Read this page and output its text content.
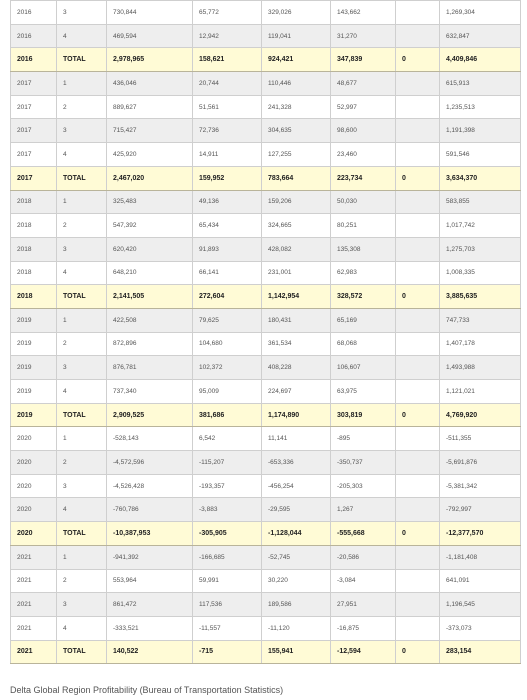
2016	3	730,844	65,772	329,026	143,662		1,269,304
2016	4	469,594	12,942	119,041	31,270		632,847
2016	TOTAL	2,978,965	158,621	924,421	347,839	0	4,409,846
2017	1	436,046	20,744	110,446	48,677		615,913
2017	2	889,627	51,561	241,328	52,997		1,235,513
2017	3	715,427	72,736	304,635	98,600		1,191,398
2017	4	425,920	14,911	127,255	23,460		591,546
2017	TOTAL	2,467,020	159,952	783,664	223,734	0	3,634,370
2018	1	325,483	49,136	159,206	50,030		583,855
2018	2	547,392	65,434	324,665	80,251		1,017,742
2018	3	620,420	91,893	428,082	135,308		1,275,703
2018	4	648,210	66,141	231,001	62,983		1,008,335
2018	TOTAL	2,141,505	272,604	1,142,954	328,572	0	3,885,635
2019	1	422,508	79,625	180,431	65,169		747,733
2019	2	872,896	104,680	361,534	68,068		1,407,178
2019	3	876,781	102,372	408,228	106,607		1,493,988
2019	4	737,340	95,009	224,697	63,975		1,121,021
2019	TOTAL	2,909,525	381,686	1,174,890	303,819	0	4,769,920
2020	1	-528,143	6,542	11,141	-895		-511,355
2020	2	-4,572,596	-115,207	-653,336	-350,737		-5,691,876
2020	3	-4,526,428	-193,357	-456,254	-205,303		-5,381,342
2020	4	-760,786	-3,883	-29,595	1,267		-792,997
2020	TOTAL	-10,387,953	-305,905	-1,128,044	-555,668	0	-12,377,570
2021	1	-941,392	-166,685	-52,745	-20,586		-1,181,408
2021	2	553,964	59,991	30,220	-3,084		641,091
2021	3	861,472	117,536	189,586	27,951		1,196,545
2021	4	-333,521	-11,557	-11,120	-16,875		-373,073
2021	TOTAL	140,522	-715	155,941	-12,594	0	283,154
Delta Global Region Profitability (Bureau of Transportation Statistics)
